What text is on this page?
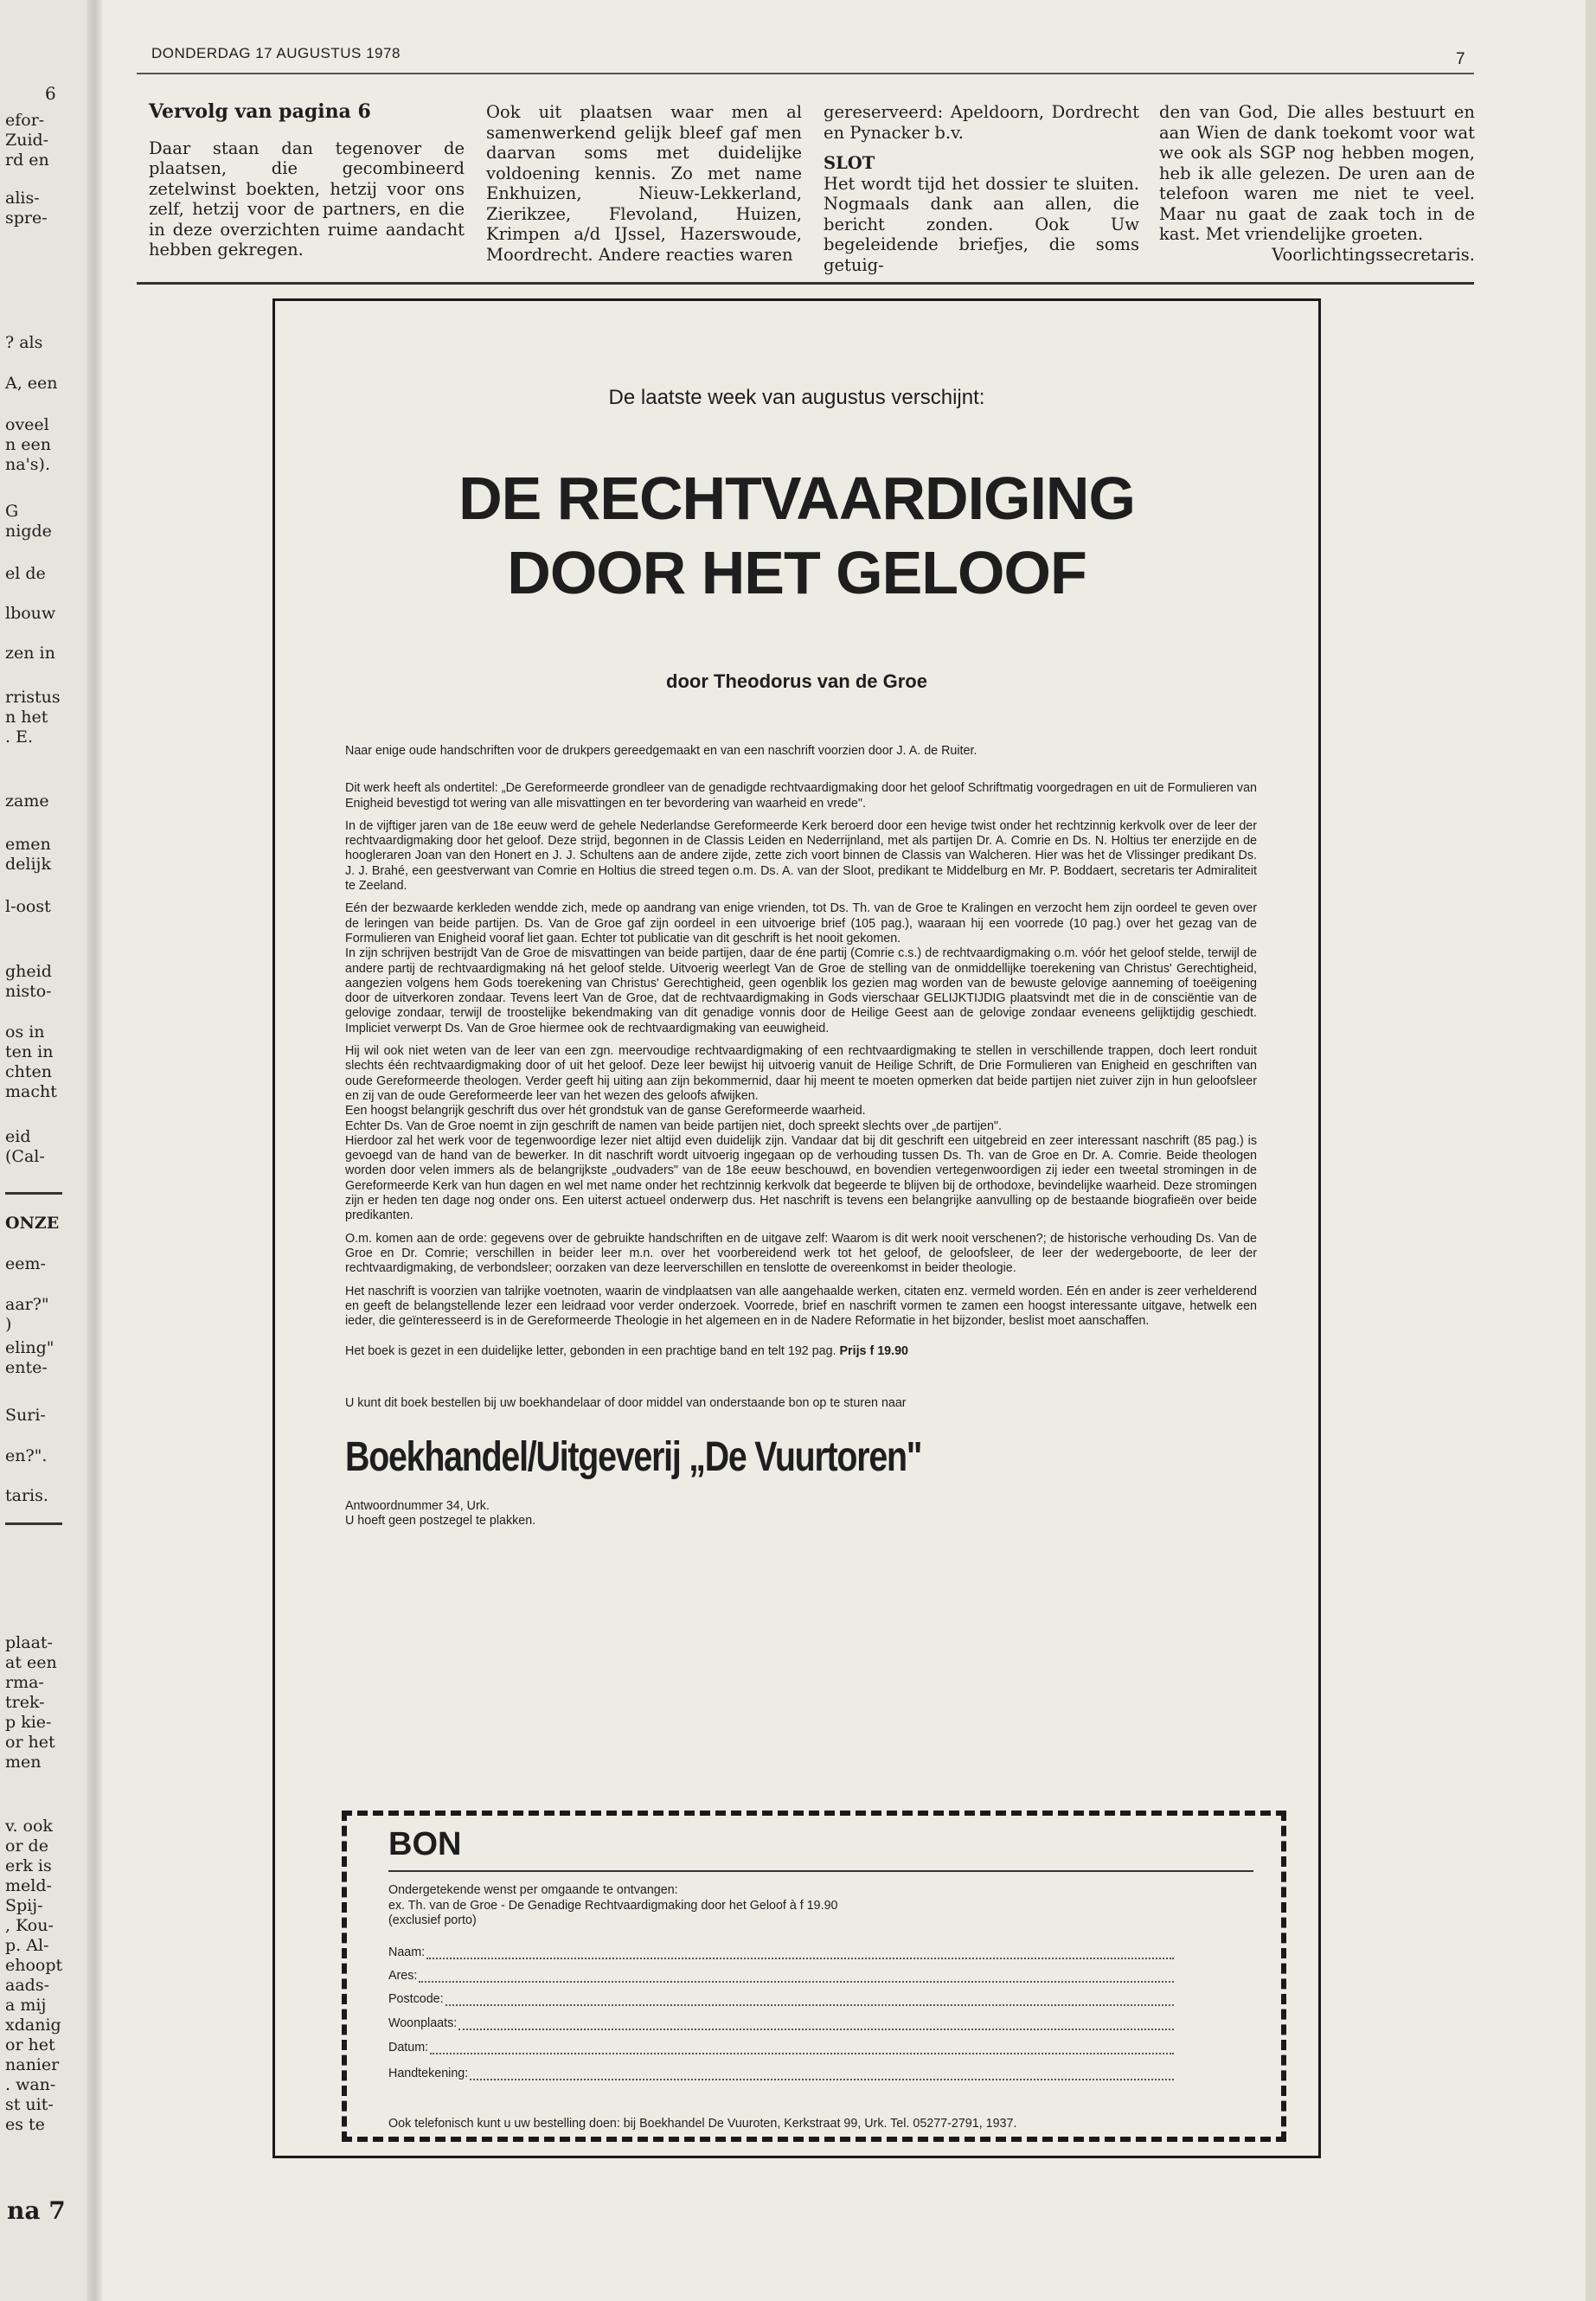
6
efor-
Zuid-
rd en
alis-
spre-
? als
A, een
oveel
n een
na's).
G
nigde
el de
lbouw
zen in
rristus
n het
. E.
zame
emen
delijk
l-oost
gheid
nisto-
os in
ten in
chten
macht
eid
(Cal-
ONZE
eem-
aar?"
)
eling"
ente-
Suri-
en?".
taris.
plaat-
at een
rma-
trek-
p kie-
or het
men
v. ook
or de
erk is
meld-
Spij-
, Kou-
p. Al-
ehoopt
aads-
a mij
xdanig
or het
nanier
. wan-
st uit-
es te
na 7
DONDERDAG 17 AUGUSTUS 1978	7

Vervolg van pagina 6

Daar staan dan tegenover de plaatsen, die gecombineerd zetelwinst boekten, hetzij voor ons zelf, hetzij voor de partners, en die in deze overzichten ruime aandacht hebben gekregen.

Ook uit plaatsen waar men al samenwerkend gelijk bleef gaf men daarvan soms met duidelijke voldoening kennis. Zo met name Enkhuizen, Nieuw-Lekkerland, Zierikzee, Flevoland, Huizen, Krimpen a/d IJssel, Hazerswoude, Moordrecht. Andere reacties waren

gereserveerd: Apeldoorn, Dordrecht en Pynacker b.v.

SLOT

Het wordt tijd het dossier te sluiten. Nogmaals dank aan allen, die bericht zonden. Ook Uw begeleidende briefjes, die soms getuig-

den van God, Die alles bestuurt en aan Wien de dank toekomt voor wat we ook als SGP nog hebben mogen, heb ik alle gelezen. De uren aan de telefoon waren me niet te veel. Maar nu gaat de zaak toch in de kast. Met vriendelijke groeten.

Voorlichtingssecretaris.

De laatste week van augustus verschijnt:
DE RECHTVAARDIGING
DOOR HET GELOOF
door Theodorus van de Groe

Naar enige oude handschriften voor de drukpers gereedgemaakt en van een naschrift voorzien door J. A. de Ruiter.

Dit werk heeft als ondertitel: „De Gereformeerde grondleer van de genadigde rechtvaardigmaking door het geloof Schriftmatig voorgedragen en uit de Formulieren van Enigheid bevestigd tot wering van alle misvattingen en ter bevordering van waarheid en vrede".

In de vijftiger jaren van de 18e eeuw werd de gehele Nederlandse Gereformeerde Kerk beroerd door een hevige twist onder het rechtzinnig kerkvolk over de leer der rechtvaardigmaking door het geloof. Deze strijd, begonnen in de Classis Leiden en Nederrijnland, met als partijen Dr. A. Comrie en Ds. N. Holtius ter enerzijde en de hoogleraren Joan van den Honert en J. J. Schultens aan de andere zijde, zette zich voort binnen de Classis van Walcheren. Hier was het de Vlissinger predikant Ds. J. J. Brahé, een geestverwant van Comrie en Holtius die streed tegen o.m. Ds. A. van der Sloot, predikant te Middelburg en Mr. P. Boddaert, secretaris ter Admiraliteit te Zeeland.

Eén der bezwaarde kerkleden wendde zich, mede op aandrang van enige vrienden, tot Ds. Th. van de Groe te Kralingen en verzocht hem zijn oordeel te geven over de leringen van beide partijen. Ds. Van de Groe gaf zijn oordeel in een uitvoerige brief (105 pag.), waaraan hij een voorrede (10 pag.) over het gezag van de Formulieren van Enigheid vooraf liet gaan. Echter tot publicatie van dit geschrift is het nooit gekomen.
In zijn schrijven bestrijdt Van de Groe de misvattingen van beide partijen, daar de éne partij (Comrie c.s.) de rechtvaardigmaking o.m. vóór het geloof stelde, terwijl de andere partij de rechtvaardigmaking ná het geloof stelde. Uitvoerig weerlegt Van de Groe de stelling van de onmiddellijke toerekening van Christus' Gerechtigheid, aangezien volgens hem Gods toerekening van Christus' Gerechtigheid, geen ogenblik los gezien mag worden van de bewuste gelovige aanneming of toeëigening door de uitverkoren zondaar. Tevens leert Van de Groe, dat de rechtvaardigmaking in Gods vierschaar GELIJKTIJDIG plaatsvindt met die in de consciëntie van de gelovige zondaar, terwijl de troostelijke bekendmaking van dit genadige vonnis door de Heilige Geest aan de gelovige zondaar eveneens gelijktijdig geschiedt. Impliciet verwerpt Ds. Van de Groe hiermee ook de rechtvaardigmaking van eeuwigheid.

Hij wil ook niet weten van de leer van een zgn. meervoudige rechtvaardigmaking of een rechtvaardigmaking te stellen in verschillende trappen, doch leert ronduit slechts één rechtvaardigmaking door of uit het geloof. Deze leer bewijst hij uitvoerig vanuit de Heilige Schrift, de Drie Formulieren van Enigheid en geschriften van oude Gereformeerde theologen. Verder geeft hij uiting aan zijn bekommernid, daar hij meent te moeten opmerken dat beide partijen niet zuiver zijn in hun geloofsleer en zij van de oude Gereformeerde leer van het wezen des geloofs afwijken.
Een hoogst belangrijk geschrift dus over hét grondstuk van de ganse Gereformeerde waarheid.
Echter Ds. Van de Groe noemt in zijn geschrift de namen van beide partijen niet, doch spreekt slechts over „de partijen".
Hierdoor zal het werk voor de tegenwoordige lezer niet altijd even duidelijk zijn. Vandaar dat bij dit geschrift een uitgebreid en zeer interessant naschrift (85 pag.) is gevoegd van de hand van de bewerker. In dit naschrift wordt uitvoerig ingegaan op de verhouding tussen Ds. Th. van de Groe en Dr. A. Comrie. Beide theologen worden door velen immers als de belangrijkste „oudvaders" van de 18e eeuw beschouwd, en bovendien vertegenwoordigen zij ieder een tweetal stromingen in de Gereformeerde Kerk van hun dagen en wel met name onder het rechtzinnig kerkvolk dat begeerde te blijven bij de orthodoxe, bevindelijke waarheid. Deze stromingen zijn er heden ten dage nog onder ons. Een uiterst actueel onderwerp dus. Het naschrift is tevens een belangrijke aanvulling op de bestaande biografieën over beide predikanten.

O.m. komen aan de orde: gegevens over de gebruikte handschriften en de uitgave zelf: Waarom is dit werk nooit verschenen?; de historische verhouding Ds. Van de Groe en Dr. Comrie; verschillen in beider leer m.n. over het voorbereidend werk tot het geloof, de geloofsleer, de leer der wedergeboorte, de leer der rechtvaardigmaking, de verbondsleer; oorzaken van deze leerverschillen en tenslotte de overeenkomst in beider theologie.

Het naschrift is voorzien van talrijke voetnoten, waarin de vindplaatsen van alle aangehaalde werken, citaten enz. vermeld worden. Eén en ander is zeer verhelderend en geeft de belangstellende lezer een leidraad voor verder onderzoek. Voorrede, brief en naschrift vormen te zamen een hoogst interessante uitgave, hetwelk een ieder, die geïnteresseerd is in de Gereformeerde Theologie in het algemeen en in de Nadere Reformatie in het bijzonder, beslist moet aanschaffen.

Het boek is gezet in een duidelijke letter, gebonden in een prachtige band en telt 192 pag. Prijs f 19.90

U kunt dit boek bestellen bij uw boekhandelaar of door middel van onderstaande bon op te sturen naar

Boekhandel/Uitgeverij „De Vuurtoren"

Antwoordnummer 34, Urk.

U hoeft geen postzegel te plakken.

BON
Ondergetekende wenst per omgaande te ontvangen:
ex. Th. van de Groe - De Genadige Rechtvaardigmaking door het Geloof à f 19.90
(exclusief porto)
Naam:
Ares:
Postcode:
Woonplaats:
Datum:
Handtekening:
Ook telefonisch kunt u uw bestelling doen: bij Boekhandel De Vuuroten, Kerkstraat 99, Urk. Tel. 05277-2791, 1937.
